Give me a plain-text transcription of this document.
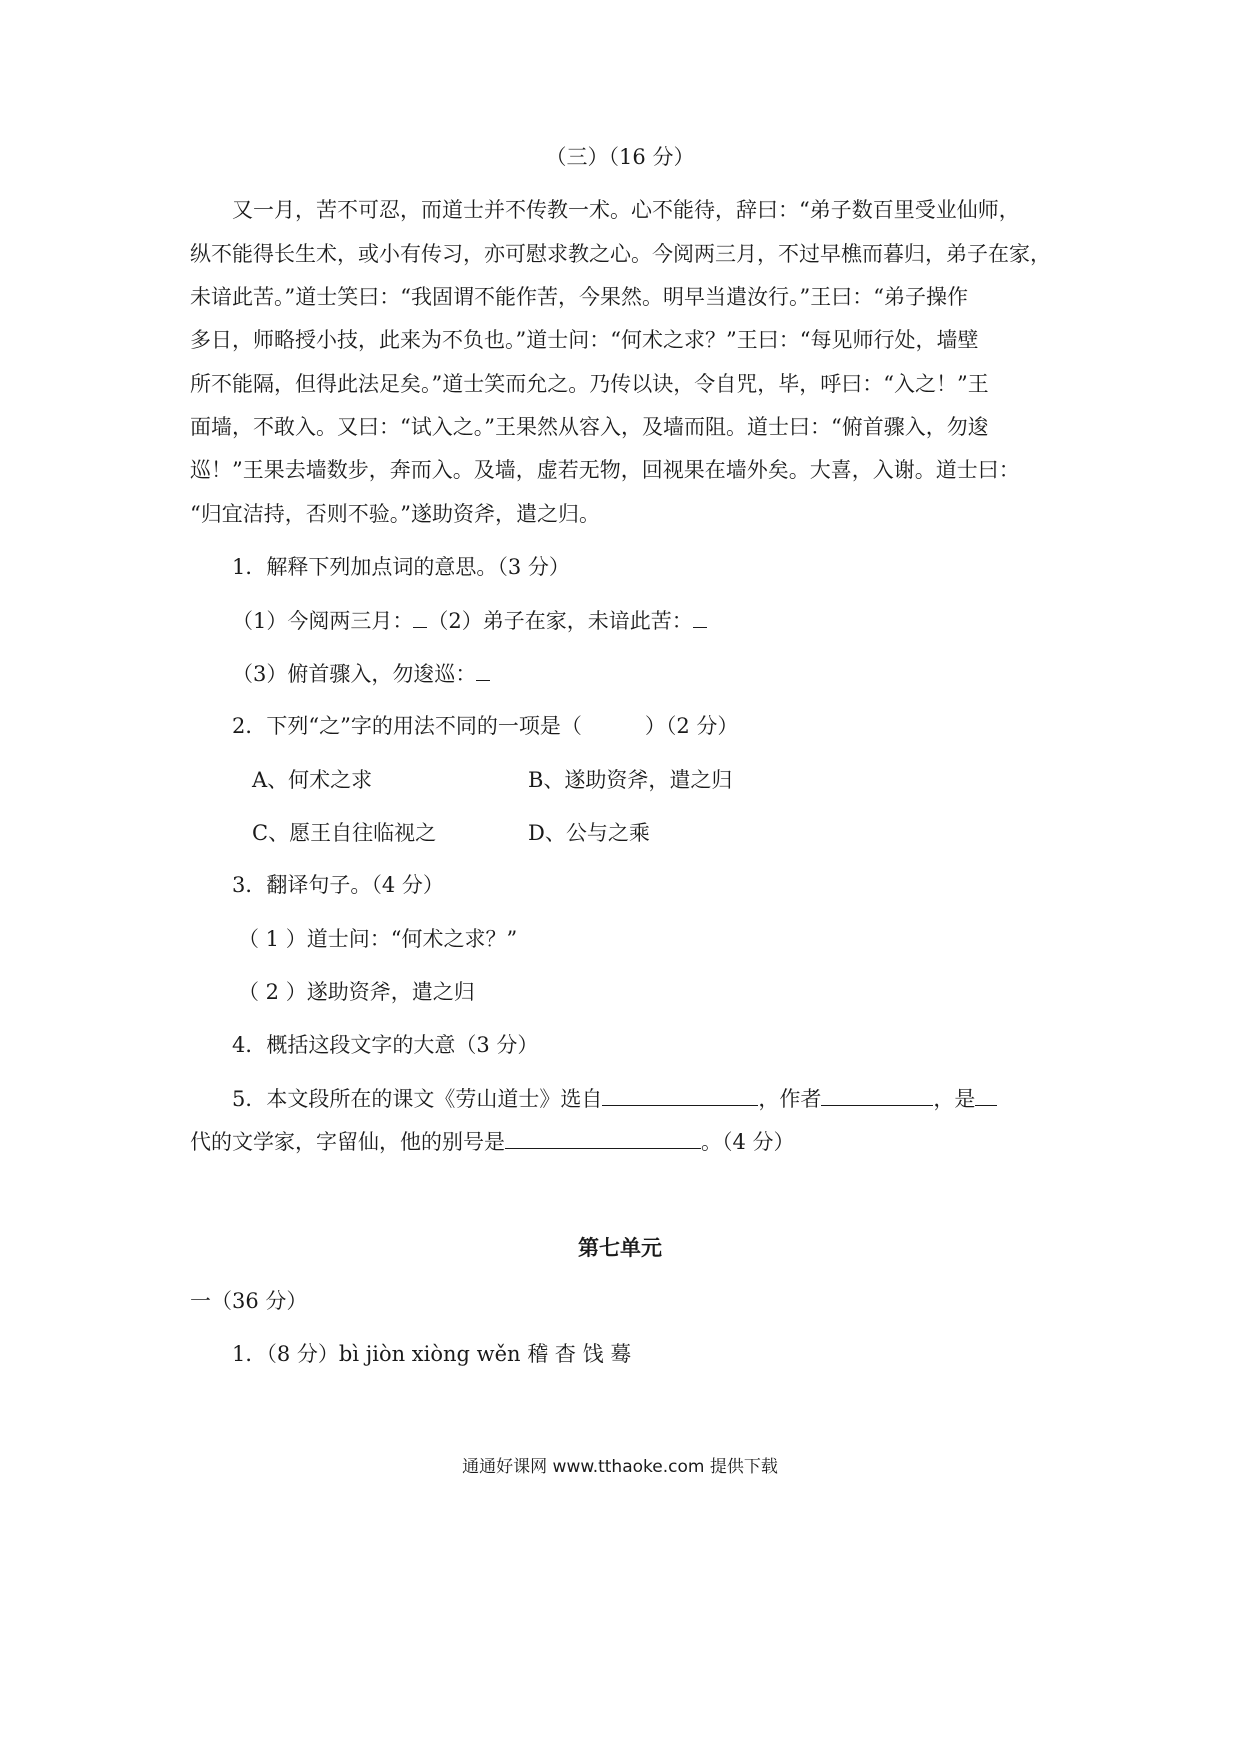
（三）（16 分）
又一月，苦不可忍，而道士并不传教一术。心不能待，辞曰：“弟子数百里受业仙师，
纵不能得长生术，或小有传习，亦可慰求教之心。今阅两三月，不过早樵而暮归，弟子在家，
未谙此苦。”道士笑曰：“我固谓不能作苦，今果然。明早当遣汝行。”王曰：“弟子操作
多日，师略授小技，此来为不负也。”道士问：“何术之求？”王曰：“每见师行处，墙壁
所不能隔，但得此法足矣。”道士笑而允之。乃传以诀，令自咒，毕，呼曰：“入之！”王
面墙，不敢入。又曰：“试入之。”王果然从容入，及墙而阻。道士曰：“俯首骤入，勿逡
巡！”王果去墙数步，奔而入。及墙，虚若无物，回视果在墙外矣。大喜，入谢。道士曰：
“归宜洁持，否则不验。”遂助资斧，遣之归。
1．解释下列加点词的意思。（3 分）
（1）今阅两三月： （2）弟子在家，未谙此苦：
（3）俯首骤入，勿逡巡：
2．下列“之”字的用法不同的一项是（　　　）（2 分）
A、何术之求	B、遂助资斧，遣之归
C、愿王自往临视之	D、公与之乘
3．翻译句子。（4 分）
（ 1 ）道士问：“何术之求？”
（ 2 ）遂助资斧，遣之归
4．概括这段文字的大意（3 分）
5．本文段所在的课文《劳山道士》选自	，作者	，是
代的文学家，字留仙，他的别号是	。（4 分）
第七单元
一（36 分）
1．（8 分）bì jiòn xiòng wěn 稽 杳 饯 蓦
通通好课网 www.tthaoke.com 提供下载
